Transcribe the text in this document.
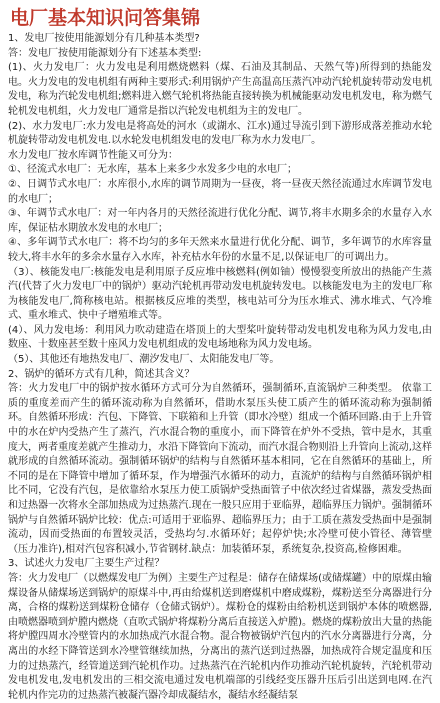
电厂基本知识问答集锦

1、发电厂按使用能源划分有几种基本类型?

答：发电厂按使用能源划分有下述基本类型:

(1)、火力发电厂：火力发电是利用燃烧燃料（煤、石油及其制品、天然气等)所得到的热能发电。火力发电的发电机组有两种主要形式:利用锅炉产生高温高压蒸汽冲动汽轮机旋转带动发电机发电，称为汽轮发电机组;燃料进入燃气轮机将热能直接转换为机械能驱动发电机发电，称为燃气轮机发电机组，火力发电厂通常是指以汽轮发电机组为主的发电厂。

(2)、水力发电厂:水力发电是将高处的河水（或湖水、江水)通过导流引到下游形成落差推动水轮机旋转带动发电机发电.以水轮发电机组发电的发电厂称为水力发电厂。

水力发电厂按水库调节性能又可分为：

①、径流式水电厂：无水库，基本上来多少水发多少电的水电厂；

②、日调节式水电厂：水库很小,水库的调节周期为一昼夜，将一昼夜天然径流通过水库调节发电的水电厂；

③、年调节式水电厂：对一年内各月的天然径流进行优化分配、调节,将丰水期多余的水量存入水库，保证枯水期放水发电的水电厂；

④、多年调节式水电厂：将不均匀的多年天然来水量进行优化分配、调节，多年调节的水库容量较大,将丰水年的多余水量存入水库，补充枯水年份的水量不足,以保证电厂的可调出力。

（3）、核能发电厂:核能发电是利用原子反应堆中核燃料(例如铀）慢慢裂变所放出的热能产生蒸汽(代替了火力发电厂中的锅炉）驱动汽轮机再带动发电机旋转发电。以核能发电为主的发电厂称为核能发电厂,简称核电站。根据核反应堆的类型，核电站可分为压水堆式、沸水堆式、气冷堆式、重水堆式、快中子增殖堆式等。

(4）、风力发电场：利用风力吹动建造在塔顶上的大型桨叶旋转带动发电机发电称为风力发电,由数座、十数座甚至数十座风力发电机组成的发电场地称为风力发电场。

（5）、其他还有地热发电厂、潮汐发电厂、太阳能发电厂等。

2、锅炉的循环方式有几种，简述其含义？

答：火力发电厂中的锅炉按水循环方式可分为自然循环，强制循环,直流锅炉三种类型。 依靠工质的重度差而产生的循环流动称为自然循环，借助水泵压头使工质产生的循环流动称为强制循环。自然循环形成：汽包、下降管、下联箱和上升管（即水冷壁）组成一个循环回路.由于上升管中的水在炉内受热产生了蒸汽，汽水混合物的重度小，而下降管在炉外不受热，管中是水，其重度大，两者重度差就产生推动力，水沿下降管向下流动，而汽水混合物则沿上升管向上流动,这样就形成的自然循环流动。强制循环锅炉的结构与自然循环基本相同，它在自然循环的基础上，所不同的是在下降管中增加了循环泵，作为增强汽水循环的动力，直流炉的结构与自然循环锅炉相比不同，它没有汽包，是依靠给水泵压力使工质锅炉受热面管子中依次经过省煤器，蒸发受热面和过热器一次将水全部加热成为过热蒸汽.现在一般只应用于亚临界，超临界压力锅炉。强制循环锅炉与自然循环锅炉比较：优点:可适用于亚临界、超临界压力；由于工质在蒸发受热面中是强制流动，因而受热面的布置较灵活，受热均匀.水循环好；起停炉快;水冷壁可使小管径、薄管壁（压力准许),相对汽包容积减小,节省钢材.缺点：加装循环泵，系统复杂,投资高,检修困难。

3、试述火力发电厂主要生产过程？

答：火力发电厂（以燃煤发电厂为例）主要生产过程是：储存在储煤场(或储煤罐）中的原煤由输煤设备从储煤场送到锅炉的原煤斗中,再由给煤机送到磨煤机中磨成煤粉，煤粉送至分离器进行分离，合格的煤粉送到煤粉仓储存（仓储式锅炉）。煤粉仓的煤粉由给粉机送到锅炉本体的喷燃器,由喷燃器喷到炉膛内燃烧（直吹式锅炉将煤粉分离后直接送入炉膛)。燃烧的煤粉放出大量的热能将炉膛四周水冷壁管内的水加热成汽水混合物。混合物被锅炉汽包内的汽水分离器进行分离，分离出的水经下降管送到水冷壁管继续加热，分离出的蒸汽送到过热器，加热成符合规定温度和压力的过热蒸汽，经管道送到汽轮机作功。过热蒸汽在汽轮机内作功推动汽轮机旋转，汽轮机带动发电机发电,发电机发出的三相交流电通过发电机端部的引线经变压器升压后引出送到电网.在汽轮机内作完功的过热蒸汽被凝汽器冷却成凝结水，凝结水经凝结泵
